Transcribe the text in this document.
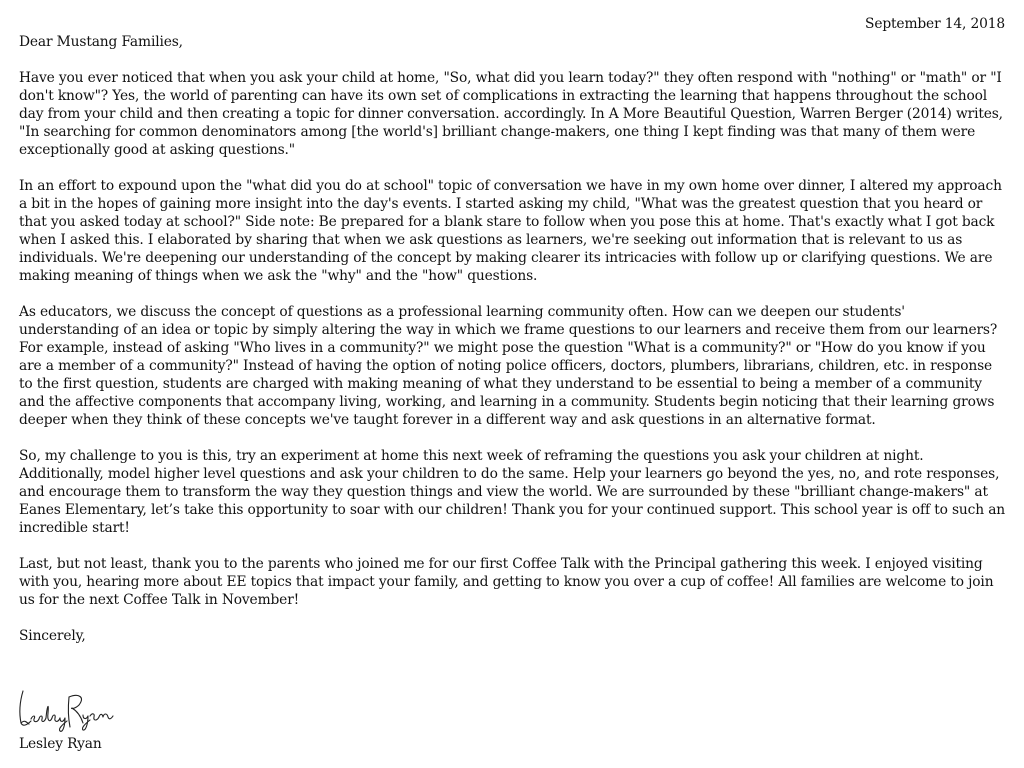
September 14, 2018

Dear Mustang Families,

Have you ever noticed that when you ask your child at home, "So, what did you learn today?" they often respond with "nothing" or "math" or "I don't know"? Yes, the world of parenting can have its own set of complications in extracting the learning that happens throughout the school day from your child and then creating a topic for dinner conversation. accordingly. In A More Beautiful Question, Warren Berger (2014) writes, "In searching for common denominators among [the world's] brilliant change-makers, one thing I kept finding was that many of them were exceptionally good at asking questions."

In an effort to expound upon the "what did you do at school" topic of conversation we have in my own home over dinner, I altered my approach a bit in the hopes of gaining more insight into the day's events. I started asking my child, "What was the greatest question that you heard or that you asked today at school?" Side note: Be prepared for a blank stare to follow when you pose this at home. That's exactly what I got back when I asked this. I elaborated by sharing that when we ask questions as learners, we're seeking out information that is relevant to us as individuals. We're deepening our understanding of the concept by making clearer its intricacies with follow up or clarifying questions. We are making meaning of things when we ask the "why" and the "how" questions.

As educators, we discuss the concept of questions as a professional learning community often. How can we deepen our students' understanding of an idea or topic by simply altering the way in which we frame questions to our learners and receive them from our learners? For example, instead of asking "Who lives in a community?" we might pose the question "What is a community?" or "How do you know if you are a member of a community?" Instead of having the option of noting police officers, doctors, plumbers, librarians, children, etc. in response to the first question, students are charged with making meaning of what they understand to be essential to being a member of a community and the affective components that accompany living, working, and learning in a community. Students begin noticing that their learning grows deeper when they think of these concepts we've taught forever in a different way and ask questions in an alternative format.

So, my challenge to you is this, try an experiment at home this next week of reframing the questions you ask your children at night. Additionally, model higher level questions and ask your children to do the same. Help your learners go beyond the yes, no, and rote responses, and encourage them to transform the way they question things and view the world. We are surrounded by these "brilliant change-makers" at Eanes Elementary, let’s take this opportunity to soar with our children! Thank you for your continued support. This school year is off to such an incredible start!

Last, but not least, thank you to the parents who joined me for our first Coffee Talk with the Principal gathering this week. I enjoyed visiting with you, hearing more about EE topics that impact your family, and getting to know you over a cup of coffee! All families are welcome to join us for the next Coffee Talk in November!

Sincerely,

Lesley Ryan
